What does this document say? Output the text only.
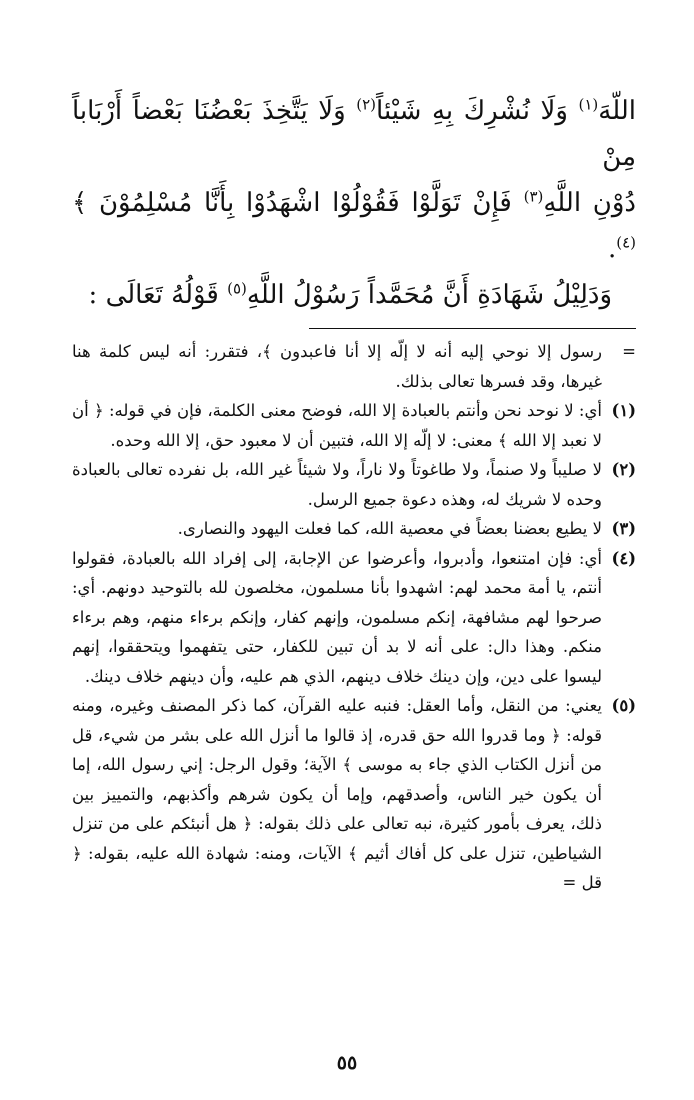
اللّهَ$^{(١)}$ وَلَا نُشْرِكَ بِهِ شَيْئاً$^{(٢)}$ وَلَا يَتَّخِذَ بَعْضُنَا بَعْضاً أَرْبَاباً مِنْ
دُوْنِ اللَّهِ$^{(٣)}$ فَإِنْ تَوَلَّوْا فَقُوْلُوْا اشْهَدُوْا بِأَنَّا مُسْلِمُوْنَ ﴾$^{(٤)}$.
وَدَلِيْلُ شَهَادَةِ أَنَّ مُحَمَّداً رَسُوْلُ اللَّهِ$^{(٥)}$ قَوْلُهُ تَعَالَى :
=
رسول إلا نوحي إليه أنه لا إلّه إلا أنا فاعبدون ﴾، فتقرر: أنه ليس كلمة هنا غيرها، وقد فسرها تعالى بذلك.
(١)
أي: لا نوحد نحن وأنتم بالعبادة إلا الله، فوضح معنى الكلمة، فإن في قوله: ﴿ أن لا نعبد إلا الله ﴾ معنى: لا إلّه إلا الله، فتبين أن لا معبود حق، إلا الله وحده.
(٢)
لا صليباً ولا صنماً، ولا طاغوتاً ولا ناراً، ولا شيئاً غير الله، بل نفرده تعالى بالعبادة وحده لا شريك له، وهذه دعوة جميع الرسل.
(٣)
لا يطيع بعضنا بعضاً في معصية الله، كما فعلت اليهود والنصارى.
(٤)
أي: فإن امتنعوا، وأدبروا، وأعرضوا عن الإجابة، إلى إفراد الله بالعبادة، فقولوا أنتم، يا أمة محمد لهم: اشهدوا بأنا مسلمون، مخلصون لله بالتوحيد دونهم. أي: صرحوا لهم مشافهة، إنكم مسلمون، وإنهم كفار، وإنكم برءاء منهم، وهم برءاء منكم. وهذا دال: على أنه لا بد أن تبين للكفار، حتى يتفهموا ويتحققوا، إنهم ليسوا على دين، وإن دينك خلاف دينهم، الذي هم عليه، وأن دينهم خلاف دينك.
(٥)
يعني: من النقل، وأما العقل: فنبه عليه القرآن، كما ذكر المصنف وغيره، ومنه قوله: ﴿ وما قدروا الله حق قدره، إذ قالوا ما أنزل الله على بشر من شيء، قل من أنزل الكتاب الذي جاء به موسى ﴾ الآية؛ وقول الرجل: إني رسول الله، إما أن يكون خير الناس، وأصدقهم، وإما أن يكون شرهم وأكذبهم، والتمييز بين ذلك، يعرف بأمور كثيرة، نبه تعالى على ذلك بقوله: ﴿ هل أنبئكم على من تنزل الشياطين، تنزل على كل أفاك أثيم ﴾ الآيات، ومنه: شهادة الله عليه، بقوله: ﴿ قل =
٥٥
